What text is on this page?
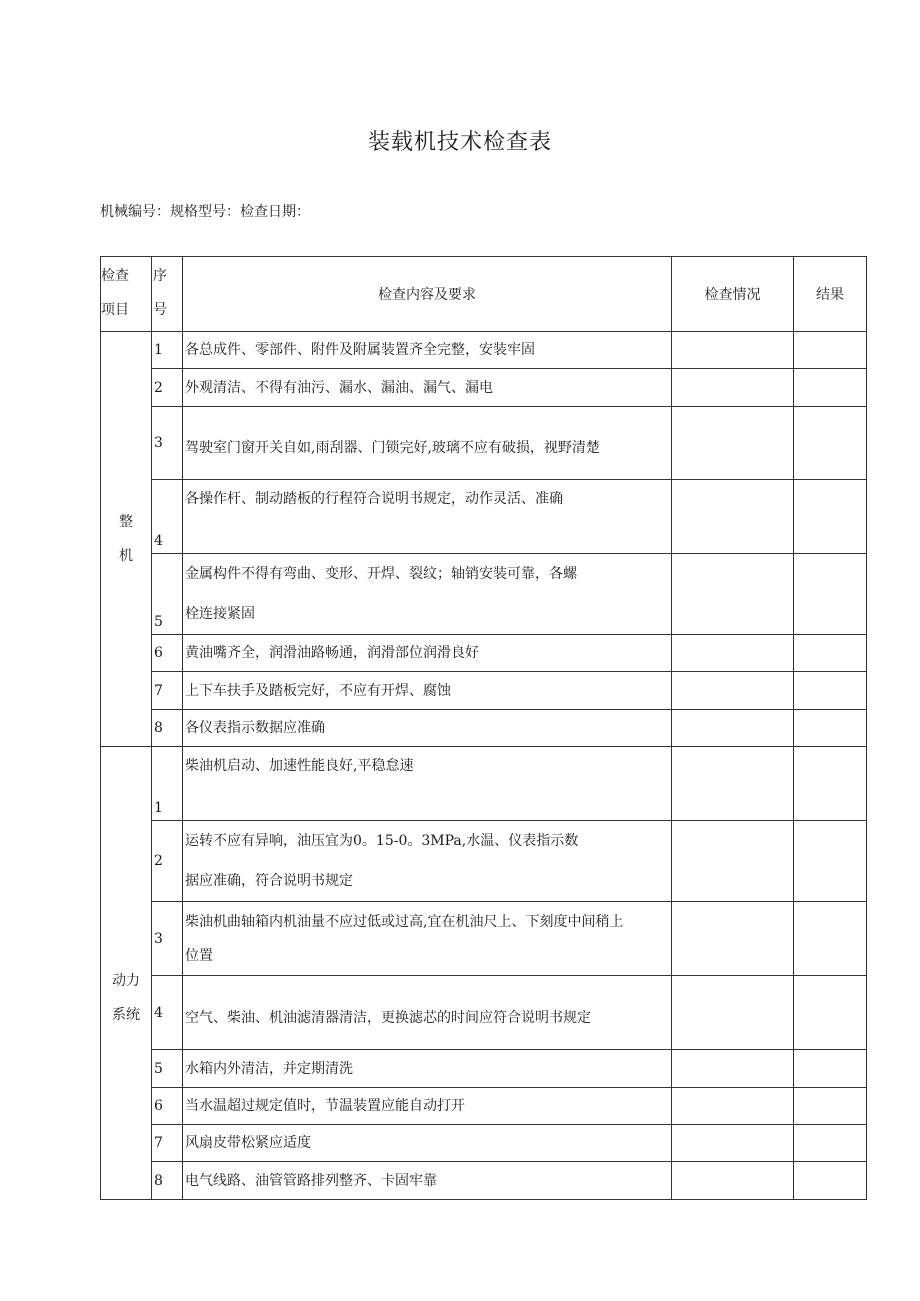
装载机技术检查表
机械编号：规格型号：检查日期：
检查
项目	序
号	检查内容及要求	检查情况	结果
整
机	1	各总成件、零部件、附件及附属装置齐全完整，安装牢固		
	2	外观清洁、不得有油污、漏水、漏油、漏气、漏电		
	3	驾驶室门窗开关自如,雨刮器、门锁完好,玻璃不应有破损，视野清楚		
	4	各操作杆、制动踏板的行程符合说明书规定，动作灵活、准确		
	5	金属构件不得有弯曲、变形、开焊、裂纹；轴销安装可靠，各螺
栓连接紧固		
	6	黄油嘴齐全，润滑油路畅通，润滑部位润滑良好		
	7	上下车扶手及踏板完好，不应有开焊、腐蚀		
	8	各仪表指示数据应准确		
动力
系统	1	柴油机启动、加速性能良好,平稳怠速		
	2	运转不应有异响，油压宜为0。15-0。3MPa,水温、仪表指示数
据应准确，符合说明书规定		
	3	柴油机曲轴箱内机油量不应过低或过高,宜在机油尺上、下刻度中间稍上
位置		
	4	空气、柴油、机油滤清器清洁，更换滤芯的时间应符合说明书规定		
	5	水箱内外清洁，并定期清洗		
	6	当水温超过规定值时，节温装置应能自动打开		
	7	风扇皮带松紧应适度		
	8	电气线路、油管管路排列整齐、卡固牢靠		
